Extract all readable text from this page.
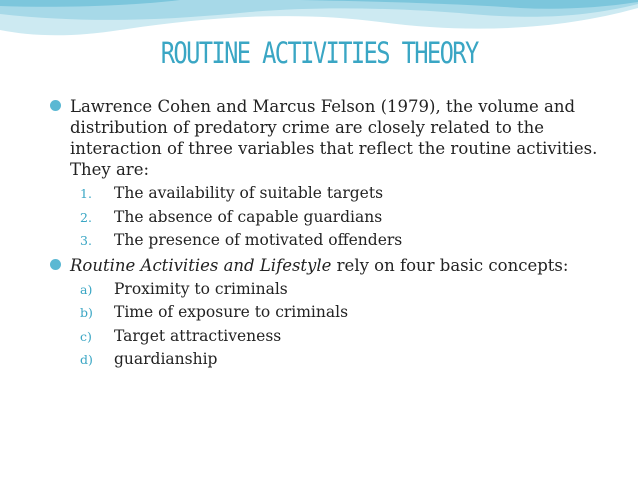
ROUTINE ACTIVITIES THEORY

Lawrence Cohen and Marcus Felson (1979), the volume and distribution of predatory crime are closely related to the interaction of three variables that reflect the routine activities. They are:

1. The availability of suitable targets
2. The absence of capable guardians
3. The presence of motivated offenders

Routine Activities and Lifestyle rely on four basic concepts:

a) Proximity to criminals
b) Time of exposure to criminals
c) Target attractiveness
d) guardianship
